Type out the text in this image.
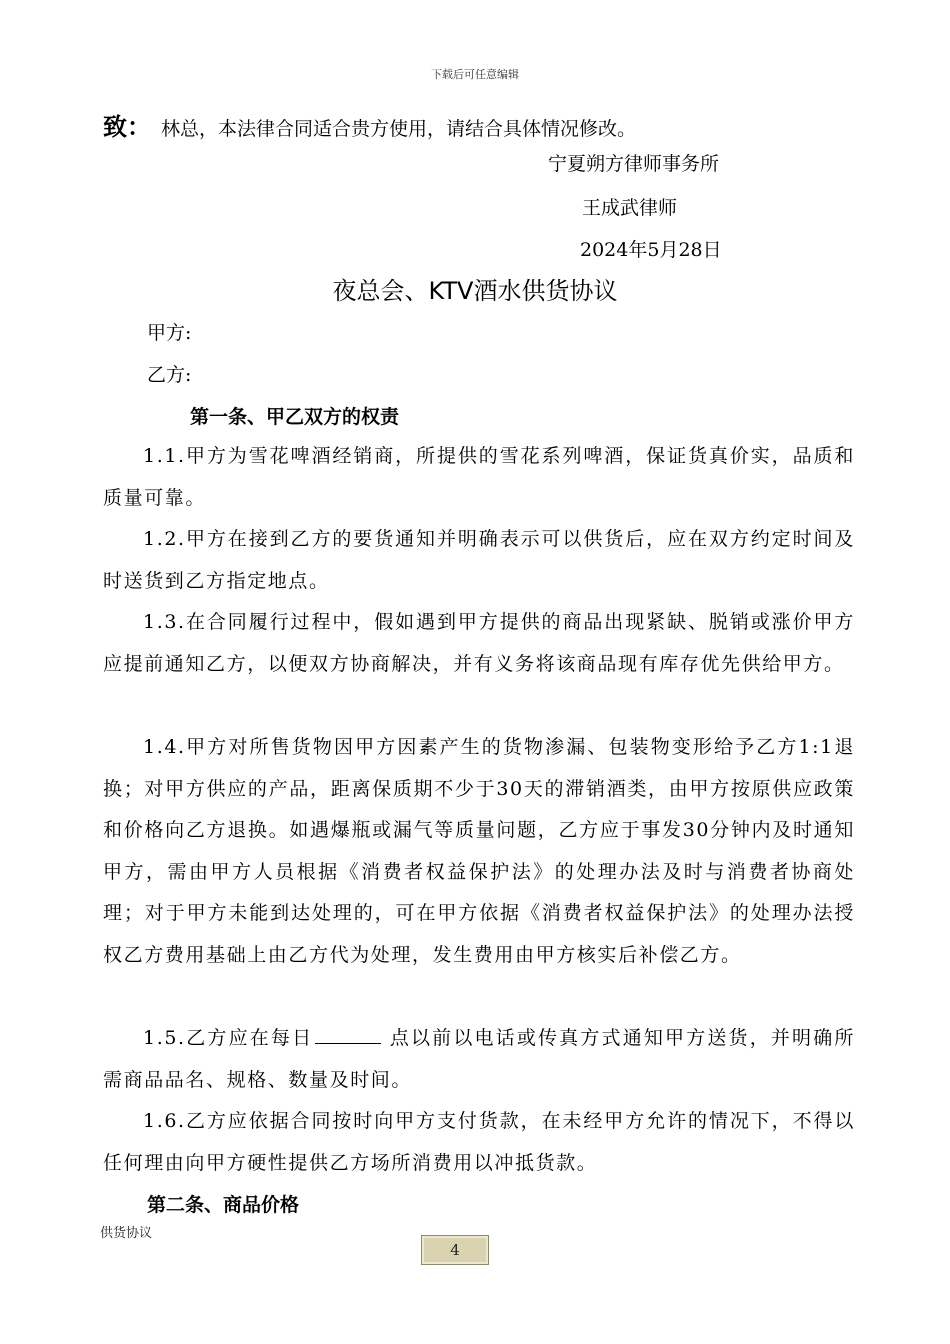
下载后可任意编辑
致： 林总，本法律合同适合贵方使用，请结合具体情况修改。
宁夏朔方律师事务所
王成武律师
2024年5月28日
夜总会、KTV酒水供货协议
甲方:
乙方:
第一条、甲乙双方的权责

1.1.甲方为雪花啤酒经销商，所提供的雪花系列啤酒，保证货真价实，品质和质量可靠。

1.2.甲方在接到乙方的要货通知并明确表示可以供货后，应在双方约定时间及时送货到乙方指定地点。

1.3.在合同履行过程中，假如遇到甲方提供的商品出现紧缺、脱销或涨价甲方应提前通知乙方，以便双方协商解决，并有义务将该商品现有库存优先供给甲方。

1.4.甲方对所售货物因甲方因素产生的货物渗漏、包装物变形给予乙方1:1退换；对甲方供应的产品，距离保质期不少于30天的滞销酒类，由甲方按原供应政策和价格向乙方退换。如遇爆瓶或漏气等质量问题，乙方应于事发30分钟内及时通知甲方，需由甲方人员根据《消费者权益保护法》的处理办法及时与消费者协商处理；对于甲方未能到达处理的，可在甲方依据《消费者权益保护法》的处理办法授权乙方费用基础上由乙方代为处理，发生费用由甲方核实后补偿乙方。

1.5.乙方应在每日	点以前以电话或传真方式通知甲方送货，并明确所需商品品名、规格、数量及时间。

1.6.乙方应依据合同按时向甲方支付货款，在未经甲方允许的情况下，不得以任何理由向甲方硬性提供乙方场所消费用以冲抵货款。

第二条、商品价格
供货协议
4
